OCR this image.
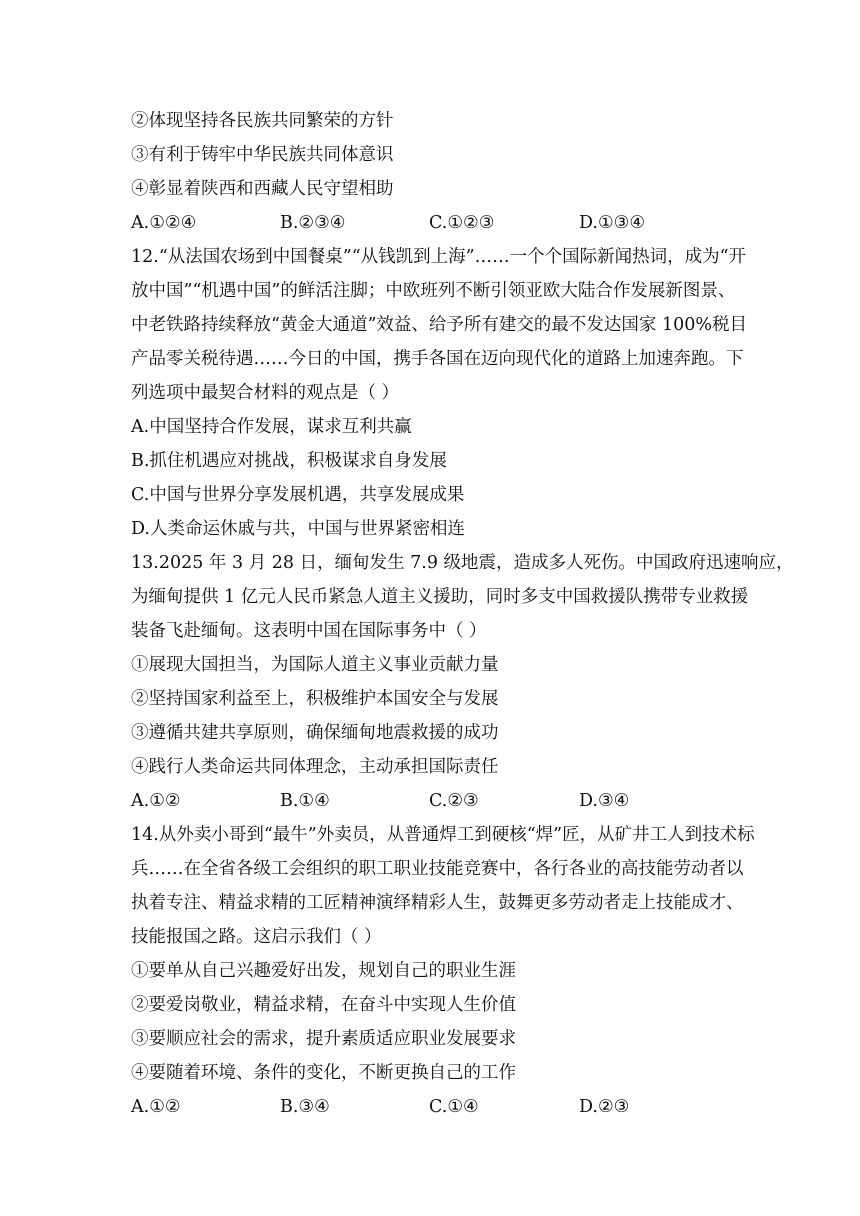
②体现坚持各民族共同繁荣的方针
③有利于铸牢中华民族共同体意识
④彰显着陕西和西藏人民守望相助
A.①②④	B.②③④	C.①②③	D.①③④
12.“从法国农场到中国餐桌”“从钱凯到上海”……一个个国际新闻热词，成为“开
放中国”“机遇中国”的鲜活注脚；中欧班列不断引领亚欧大陆合作发展新图景、
中老铁路持续释放“黄金大通道”效益、给予所有建交的最不发达国家 100%税目
产品零关税待遇……今日的中国，携手各国在迈向现代化的道路上加速奔跑。下
列选项中最契合材料的观点是（ ）
A.中国坚持合作发展，谋求互利共赢
B.抓住机遇应对挑战，积极谋求自身发展
C.中国与世界分享发展机遇，共享发展成果
D.人类命运休戚与共，中国与世界紧密相连
13.2025 年 3 月 28 日，缅甸发生 7.9 级地震，造成多人死伤。中国政府迅速响应，
为缅甸提供 1 亿元人民币紧急人道主义援助，同时多支中国救援队携带专业救援
装备飞赴缅甸。这表明中国在国际事务中（ ）
①展现大国担当，为国际人道主义事业贡献力量
②坚持国家利益至上，积极维护本国安全与发展
③遵循共建共享原则，确保缅甸地震救援的成功
④践行人类命运共同体理念，主动承担国际责任
A.①②	B.①④	C.②③	D.③④
14.从外卖小哥到“最牛”外卖员，从普通焊工到硬核“焊”匠，从矿井工人到技术标
兵……在全省各级工会组织的职工职业技能竞赛中，各行各业的高技能劳动者以
执着专注、精益求精的工匠精神演绎精彩人生，鼓舞更多劳动者走上技能成才、
技能报国之路。这启示我们（ ）
①要单从自己兴趣爱好出发，规划自己的职业生涯
②要爱岗敬业，精益求精，在奋斗中实现人生价值
③要顺应社会的需求，提升素质适应职业发展要求
④要随着环境、条件的变化，不断更换自己的工作
A.①②	B.③④	C.①④	D.②③
